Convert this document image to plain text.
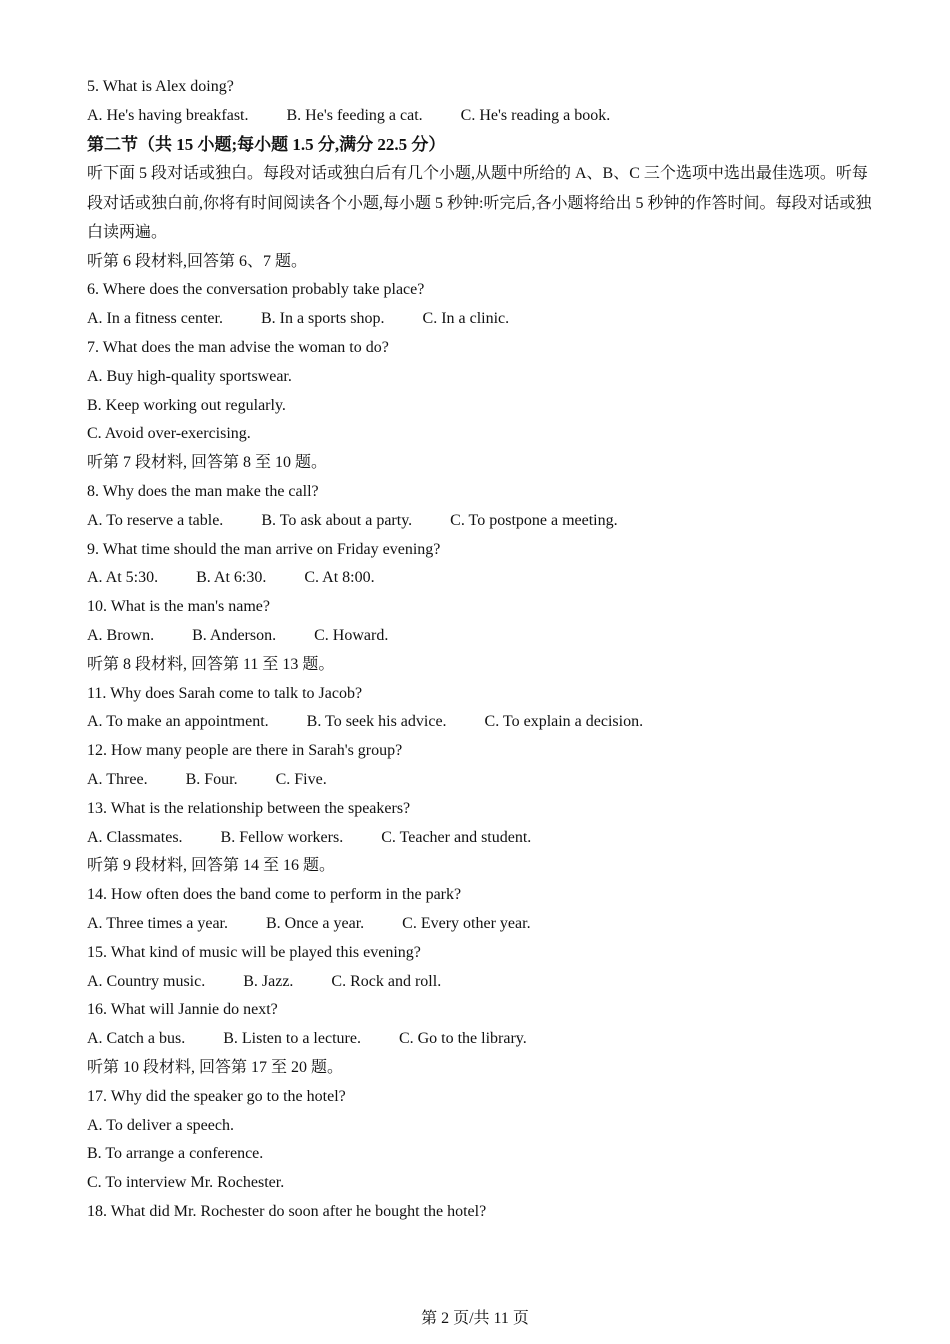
5. What is Alex doing?
A. He's having breakfast. B. He's feeding a cat. C. He's reading a book.
第二节（共 15 小题;每小题 1.5 分,满分 22.5 分）
听下面 5 段对话或独白。每段对话或独白后有几个小题,从题中所给的 A、B、C 三个选项中选出最佳选项。听每段对话或独白前,你将有时间阅读各个小题,每小题 5 秒钟:听完后,各小题将给出 5 秒钟的作答时间。每段对话或独白读两遍。
听第 6 段材料,回答第 6、7 题。
6. Where does the conversation probably take place?
A. In a fitness center. B. In a sports shop. C. In a clinic.
7. What does the man advise the woman to do?
A. Buy high-quality sportswear.
B. Keep working out regularly.
C. Avoid over-exercising.
听第 7 段材料, 回答第 8 至 10 题。
8. Why does the man make the call?
A. To reserve a table. B. To ask about a party. C. To postpone a meeting.
9. What time should the man arrive on Friday evening?
A. At 5:30. B. At 6:30. C. At 8:00.
10. What is the man's name?
A. Brown. B. Anderson. C. Howard.
听第 8 段材料, 回答第 11 至 13 题。
11. Why does Sarah come to talk to Jacob?
A. To make an appointment. B. To seek his advice. C. To explain a decision.
12. How many people are there in Sarah's group?
A. Three. B. Four. C. Five.
13. What is the relationship between the speakers?
A. Classmates. B. Fellow workers. C. Teacher and student.
听第 9 段材料, 回答第 14 至 16 题。
14. How often does the band come to perform in the park?
A. Three times a year. B. Once a year. C. Every other year.
15. What kind of music will be played this evening?
A. Country music. B. Jazz. C. Rock and roll.
16. What will Jannie do next?
A. Catch a bus. B. Listen to a lecture. C. Go to the library.
听第 10 段材料, 回答第 17 至 20 题。
17. Why did the speaker go to the hotel?
A. To deliver a speech.
B. To arrange a conference.
C. To interview Mr. Rochester.
18. What did Mr. Rochester do soon after he bought the hotel?
第 2 页/共 11 页
